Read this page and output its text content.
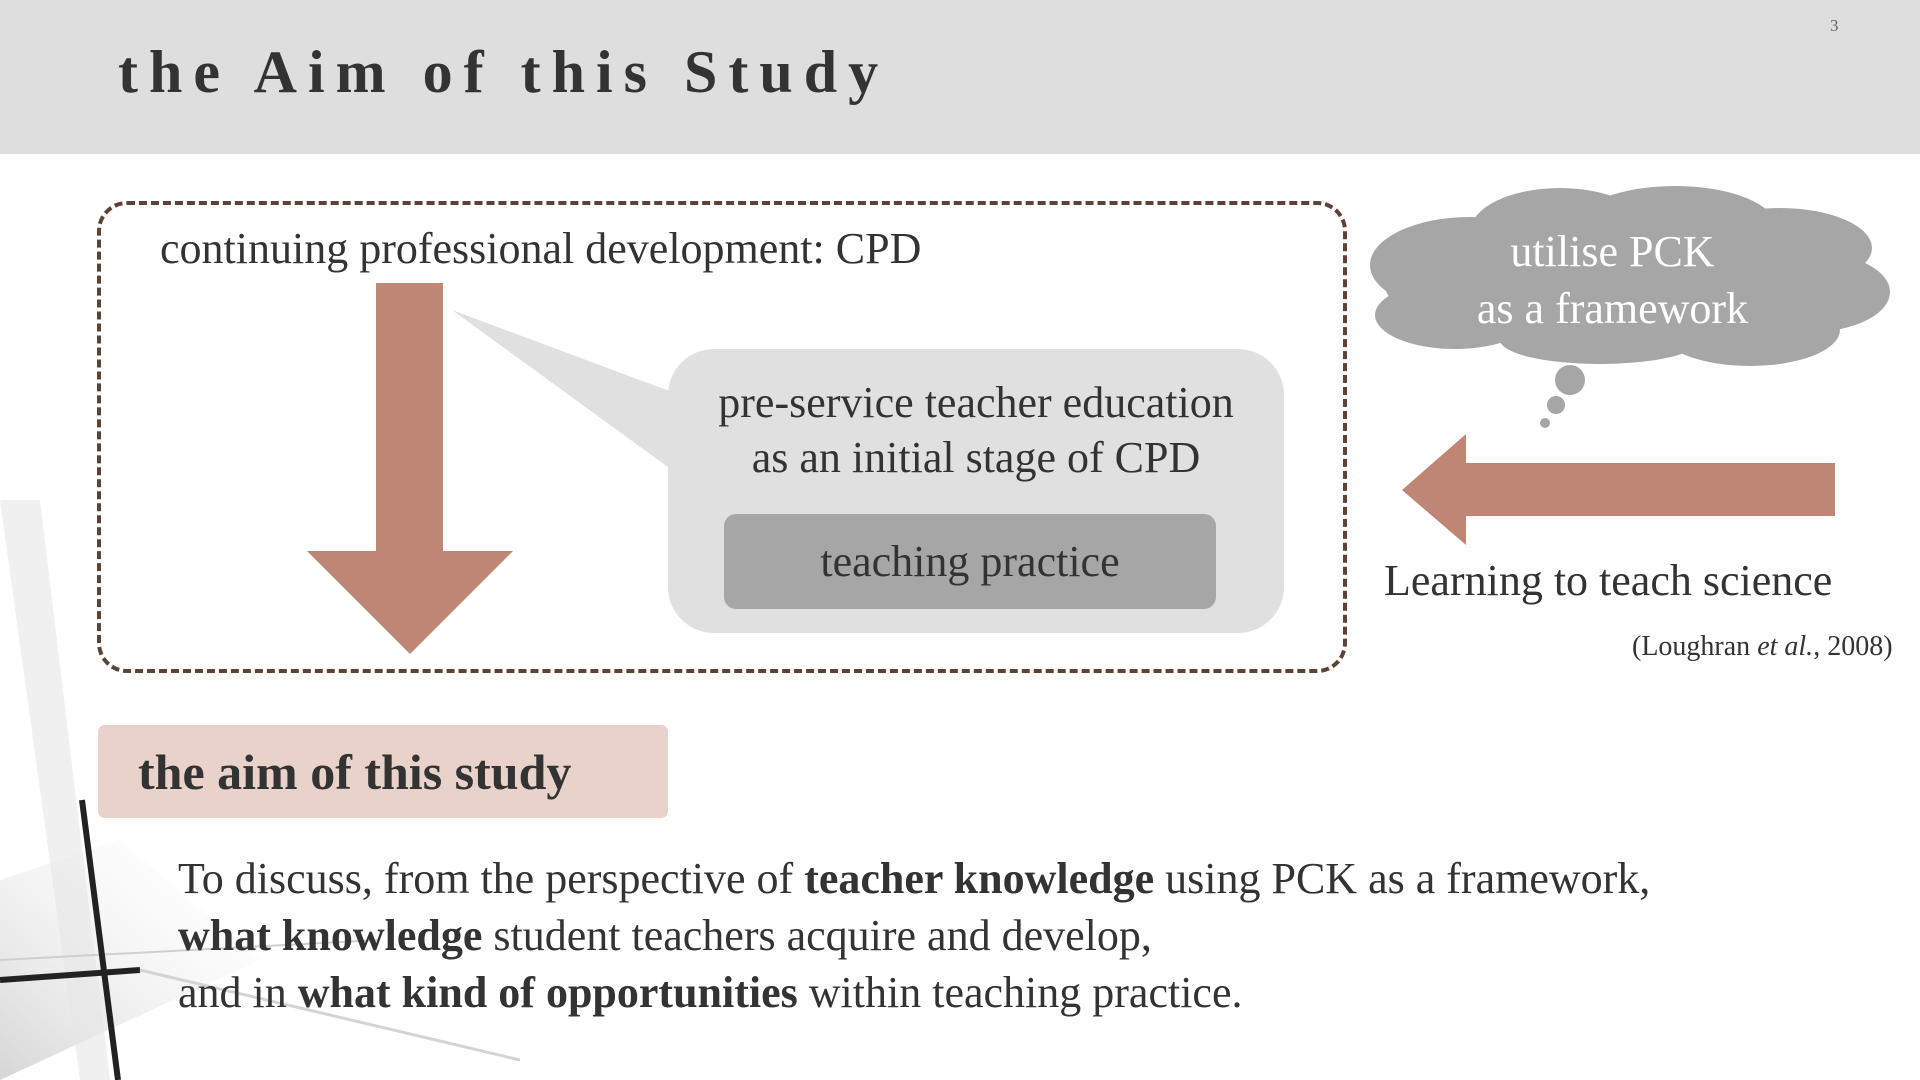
the Aim of this Study
3
continuing professional development: CPD
pre-service teacher education
as an initial stage of CPD
teaching practice
utilise PCK
as a framework
Learning to teach science
(Loughran et al., 2008)
the aim of this study
To discuss, from the perspective of teacher knowledge using PCK as a framework,
what knowledge student teachers acquire and develop,
and in what kind of opportunities within teaching practice.
